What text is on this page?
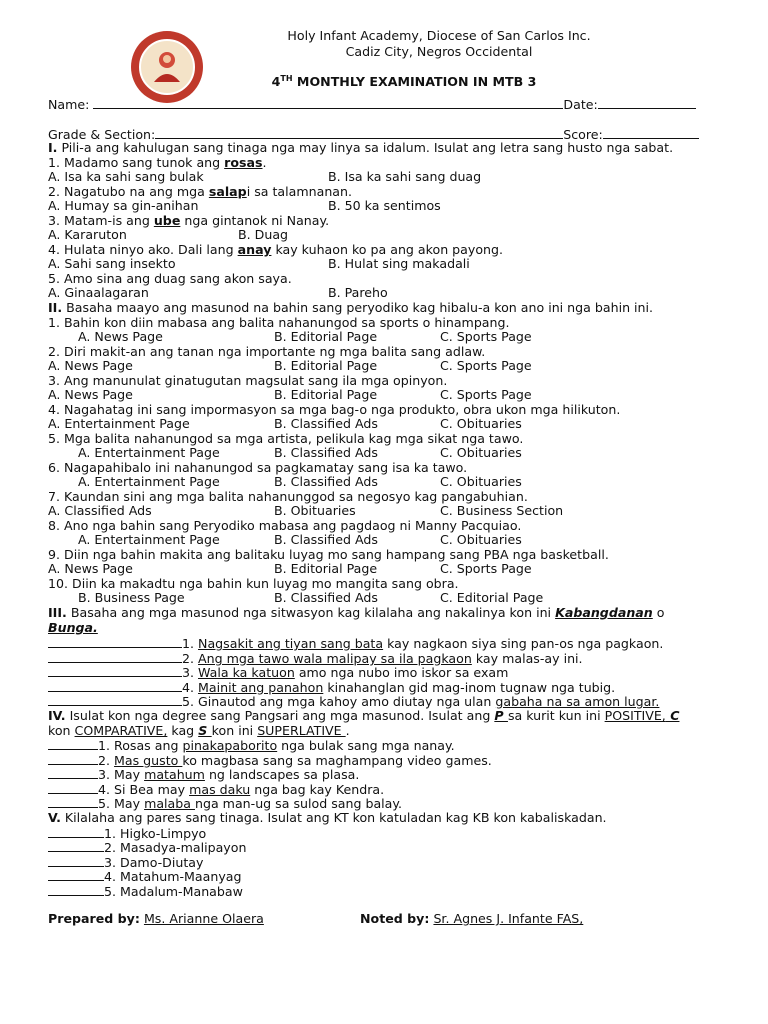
Holy Infant Academy, Diocese of San Carlos Inc.
Cadiz City, Negros Occidental
4TH MONTHLY EXAMINATION IN MTB 3
Name:	Date:
Grade & Section:	Score:
I. Pili-a ang kahulugan sang tinaga nga may linya sa idalum. Isulat ang letra sang husto nga sabat.
1. Madamo sang tunok ang rosas.
A. Isa ka sahi sang bulak	B. Isa ka sahi sang duag
2. Nagatubo na ang mga salapi sa talamnanan.
A. Humay sa gin-anihan	B. 50 ka sentimos
3. Matam-is ang ube nga gintanok ni Nanay.
A. Kararuton	B. Duag
4. Hulata ninyo ako. Dali lang anay kay kuhaon ko pa ang akon payong.
A. Sahi sang insekto	B. Hulat sing makadali
5. Amo sina ang duag sang akon saya.
A. Ginaalagaran	B. Pareho
II. Basaha maayo ang masunod na bahin sang peryodiko kag hibalu-a kon ano ini nga bahin ini.
1. Bahin kon diin mabasa ang balita nahanungod sa sports o hinampang.
A. News Page	B. Editorial Page	C. Sports Page
2. Diri makit-an ang tanan nga importante ng mga balita sang adlaw.
A. News Page	B. Editorial Page	C. Sports Page
3. Ang manunulat ginatugutan magsulat sang ila mga opinyon.
A. News Page	B. Editorial Page	C. Sports Page
4. Nagahatag ini sang impormasyon sa mga bag-o nga produkto, obra ukon mga hilikuton.
A. Entertainment Page	B. Classified Ads	C. Obituaries
5. Mga balita nahanungod sa mga artista, pelikula kag mga sikat nga tawo.
A. Entertainment Page	B. Classified Ads	C. Obituaries
6. Nagapahibalo ini nahanungod sa pagkamatay sang isa ka tawo.
A. Entertainment Page	B. Classified Ads	C. Obituaries
7. Kaundan sini ang mga balita nahanunggod sa negosyo kag pangabuhian.
A. Classified Ads	B. Obituaries	C. Business Section
8. Ano nga bahin sang Peryodiko mabasa ang pagdaog ni Manny Pacquiao.
A. Entertainment Page	B. Classified Ads	C. Obituaries
9. Diin nga bahin makita ang balitaku luyag mo sang hampang sang PBA nga basketball.
A. News Page	B. Editorial Page	C. Sports Page
10. Diin ka makadtu nga bahin kun luyag mo mangita sang obra.
B. Business Page	B. Classified Ads	C. Editorial Page
III. Basaha ang mga masunod nga sitwasyon kag kilalaha ang nakalinya kon ini Kabangdanan o
Bunga.
1. Nagsakit ang tiyan sang bata kay nagkaon siya sing pan-os nga pagkaon.
2. Ang mga tawo wala malipay sa ila pagkaon kay malas-ay ini.
3. Wala ka katuon amo nga nubo imo iskor sa exam
4. Mainit ang panahon kinahanglan gid mag-inom tugnaw nga tubig.
5. Ginautod ang mga kahoy amo diutay nga ulan gabaha na sa amon lugar.
IV. Isulat kon nga degree sang Pangsari ang mga masunod. Isulat ang P sa kurit kun ini POSITIVE, C
kon COMPARATIVE, kag S kon ini SUPERLATIVE .
1. Rosas ang pinakapaborito nga bulak sang mga nanay.
2. Mas gusto ko magbasa sang sa maghampang video games.
3. May matahum ng landscapes sa plasa.
4. Si Bea may mas daku nga bag kay Kendra.
5. May malaba nga man-ug sa sulod sang balay.
V. Kilalaha ang pares sang tinaga. Isulat ang KT kon katuladan kag KB kon kabaliskadan.
1. Higko-Limpyo
2. Masadya-malipayon
3. Damo-Diutay
4. Matahum-Maanyag
5. Madalum-Manabaw
Prepared by: Ms. Arianne Olaera	Noted by: Sr. Agnes J. Infante FAS,
